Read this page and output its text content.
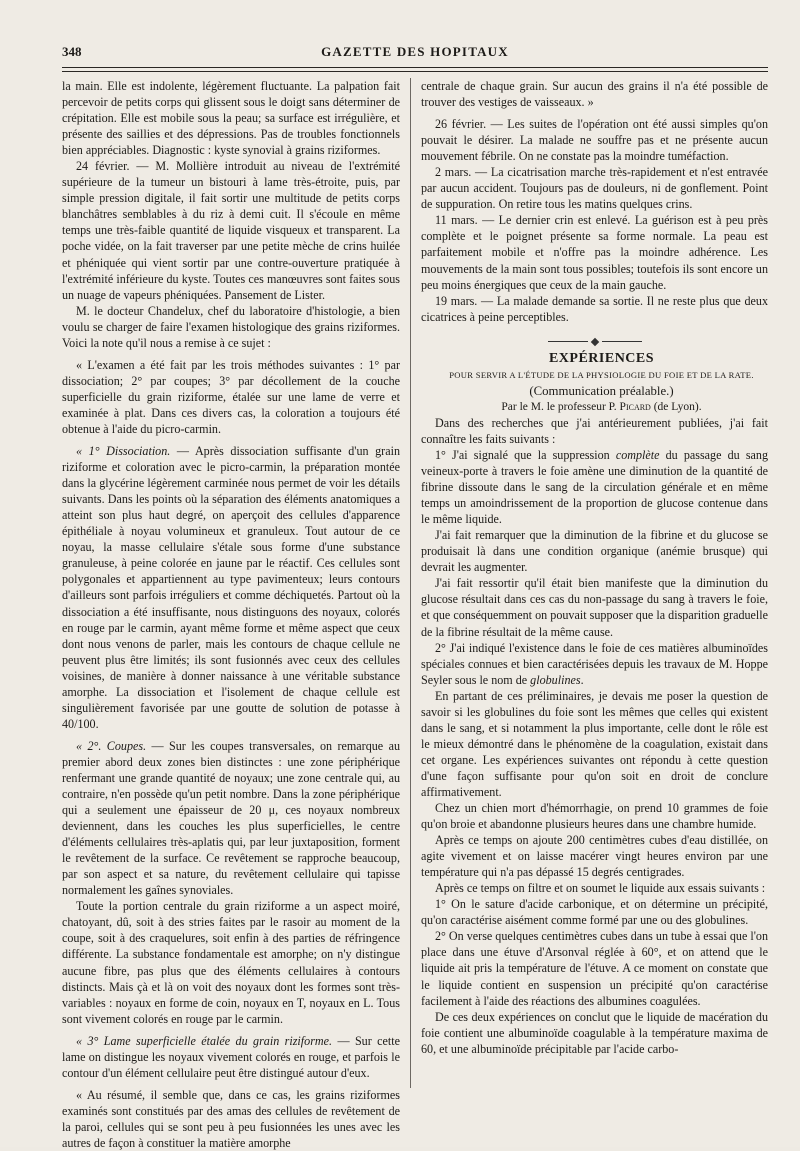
348	GAZETTE DES HOPITAUX

la main. Elle est indolente, légèrement fluctuante. La palpation fait percevoir de petits corps qui glissent sous le doigt sans déterminer de crépitation. Elle est mobile sous la peau; sa surface est irrégulière, et présente des saillies et des dépressions. Pas de troubles fonctionnels bien appréciables. Diagnostic : kyste synovial à grains riziformes.

24 février. — M. Mollière introduit au niveau de l'extrémité supérieure de la tumeur un bistouri à lame très-étroite, puis, par simple pression digitale, il fait sortir une multitude de petits corps blanchâtres semblables à du riz à demi cuit. Il s'écoule en même temps une très-faible quantité de liquide visqueux et transparent. La poche vidée, on la fait traverser par une petite mèche de crins huilée et phéniquée qui vient sortir par une contre-ouverture pratiquée à l'extrémité inférieure du kyste. Toutes ces manœuvres sont faites sous un nuage de vapeurs phéniquées. Pansement de Lister.

M. le docteur Chandelux, chef du laboratoire d'histologie, a bien voulu se charger de faire l'examen histologique des grains riziformes. Voici la note qu'il nous a remise à ce sujet :

« L'examen a été fait par les trois méthodes suivantes : 1° par dissociation; 2° par coupes; 3° par décollement de la couche superficielle du grain riziforme, étalée sur une lame de verre et examinée à plat. Dans ces divers cas, la coloration a toujours été obtenue à l'aide du picro-carmin.

« 1° Dissociation. — Après dissociation suffisante d'un grain riziforme et coloration avec le picro-carmin, la préparation montée dans la glycérine légèrement carminée nous permet de voir les détails suivants. Dans les points où la séparation des éléments anatomiques a atteint son plus haut degré, on aperçoit des cellules d'apparence épithéliale à noyau volumineux et granuleux. Tout autour de ce noyau, la masse cellulaire s'étale sous forme d'une substance granuleuse, à peine colorée en jaune par le réactif. Ces cellules sont polygonales et appartiennent au type pavimenteux; leurs contours d'ailleurs sont parfois irréguliers et comme déchiquetés. Partout où la dissociation a été insuffisante, nous distinguons des noyaux, colorés en rouge par le carmin, ayant même forme et même aspect que ceux dont nous venons de parler, mais les contours de chaque cellule ne peuvent plus être limités; ils sont fusionnés avec ceux des cellules voisines, de manière à donner naissance à une véritable substance amorphe. La dissociation et l'isolement de chaque cellule est singulièrement favorisée par une goutte de solution de potasse à 40/100.

« 2°. Coupes. — Sur les coupes transversales, on remarque au premier abord deux zones bien distinctes : une zone périphérique renfermant une grande quantité de noyaux; une zone centrale qui, au contraire, n'en possède qu'un petit nombre. Dans la zone périphérique qui a seulement une épaisseur de 20 μ, ces noyaux nombreux deviennent, dans les couches les plus superficielles, le centre d'éléments cellulaires très-aplatis qui, par leur juxtaposition, forment le revêtement de la surface. Ce revêtement se rapproche beaucoup, par son aspect et sa nature, du revêtement cellulaire qui tapisse normalement les gaînes synoviales.

Toute la portion centrale du grain riziforme a un aspect moiré, chatoyant, dû, soit à des stries faites par le rasoir au moment de la coupe, soit à des craquelures, soit enfin à des parties de réfringence différente. La substance fondamentale est amorphe; on n'y distingue aucune fibre, pas plus que des éléments cellulaires à contours distincts. Mais çà et là on voit des noyaux dont les formes sont très-variables : noyaux en forme de coin, noyaux en T, noyaux en L. Tous sont vivement colorés en rouge par le carmin.

« 3° Lame superficielle étalée du grain riziforme. — Sur cette lame on distingue les noyaux vivement colorés en rouge, et parfois le contour d'un élément cellulaire peut être distingué autour d'eux.

« Au résumé, il semble que, dans ce cas, les grains riziformes examinés sont constitués par des amas des cellules de revêtement de la paroi, cellules qui se sont peu à peu fusionnées les unes avec les autres de façon à constituer la matière amorphe

centrale de chaque grain. Sur aucun des grains il n'a été possible de trouver des vestiges de vaisseaux. »

26 février. — Les suites de l'opération ont été aussi simples qu'on pouvait le désirer. La malade ne souffre pas et ne présente aucun mouvement fébrile. On ne constate pas la moindre tuméfaction.

2 mars. — La cicatrisation marche très-rapidement et n'est entravée par aucun accident. Toujours pas de douleurs, ni de gonflement. Point de suppuration. On retire tous les matins quelques crins.

11 mars. — Le dernier crin est enlevé. La guérison est à peu près complète et le poignet présente sa forme normale. La peau est parfaitement mobile et n'offre pas la moindre adhérence. Les mouvements de la main sont tous possibles; toutefois ils sont encore un peu moins énergiques que ceux de la main gauche.

19 mars. — La malade demande sa sortie. Il ne reste plus que deux cicatrices à peine perceptibles.

EXPÉRIENCES

POUR SERVIR A L'ÉTUDE DE LA PHYSIOLOGIE DU FOIE ET DE LA RATE.

(Communication préalable.)

Par le M. le professeur P. Picard (de Lyon).

Dans des recherches que j'ai antérieurement publiées, j'ai fait connaître les faits suivants :

1° J'ai signalé que la suppression complète du passage du sang veineux-porte à travers le foie amène une diminution de la quantité de fibrine dissoute dans le sang de la circulation générale et en même temps un amoindrissement de la proportion de glucose contenue dans le même liquide.

J'ai fait remarquer que la diminution de la fibrine et du glucose se produisait là dans une condition organique (anémie brusque) qui devrait les augmenter.

J'ai fait ressortir qu'il était bien manifeste que la diminution du glucose résultait dans ces cas du non-passage du sang à travers le foie, et que conséquemment on pouvait supposer que la disparition graduelle de la fibrine résultait de la même cause.

2° J'ai indiqué l'existence dans le foie de ces matières albuminoïdes spéciales connues et bien caractérisées depuis les travaux de M. Hoppe Seyler sous le nom de globulines.

En partant de ces préliminaires, je devais me poser la question de savoir si les globulines du foie sont les mêmes que celles qui existent dans le sang, et si notamment la plus importante, celle dont le rôle est le mieux démontré dans le phénomène de la coagulation, existait dans cet organe. Les expériences suivantes ont répondu à cette question d'une façon suffisante pour qu'on soit en droit de conclure affirmativement.

Chez un chien mort d'hémorrhagie, on prend 10 grammes de foie qu'on broie et abandonne plusieurs heures dans une chambre humide.

Après ce temps on ajoute 200 centimètres cubes d'eau distillée, on agite vivement et on laisse macérer vingt heures environ par une température qui n'a pas dépassé 15 degrés centigrades.

Après ce temps on filtre et on soumet le liquide aux essais suivants :

1° On le sature d'acide carbonique, et on détermine un précipité, qu'on caractérise aisément comme formé par une ou des globulines.

2° On verse quelques centimètres cubes dans un tube à essai que l'on place dans une étuve d'Arsonval réglée à 60°, et on attend que le liquide ait pris la température de l'étuve. A ce moment on constate que le liquide contient en suspension un précipité qu'on caractérise facilement à l'aide des réactions des albumines coagulées.

De ces deux expériences on conclut que le liquide de macération du foie contient une albuminoïde coagulable à la température maxima de 60, et une albuminoïde précipitable par l'acide carbo-
